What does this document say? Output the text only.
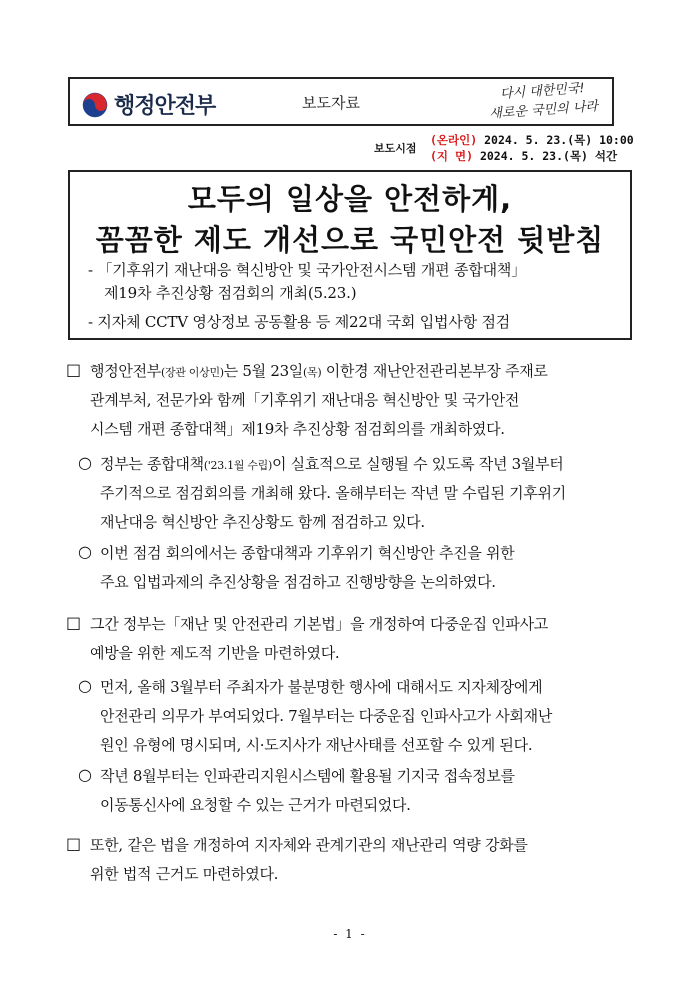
행정안전부	보도자료
다시 대한민국!
새로운 국민의 나라
보도시점
(온라인) 2024. 5. 23.(목) 10:00
(지 면) 2024. 5. 23.(목) 석간
모두의 일상을 안전하게,
꼼꼼한 제도 개선으로 국민안전 뒷받침
- 「기후위기 재난대응 혁신방안 및 국가안전시스템 개편 종합대책」
제19차 추진상황 점검회의 개최(5.23.)
- 지자체 CCTV 영상정보 공동활용 등 제22대 국회 입법사항 점검
□ 행정안전부(장관 이상민)는 5월 23일(목) 이한경 재난안전관리본부장 주재로
관계부처, 전문가와 함께「기후위기 재난대응 혁신방안 및 국가안전
시스템 개편 종합대책」제19차 추진상황 점검회의를 개최하였다.
○ 정부는 종합대책('23.1월 수립)이 실효적으로 실행될 수 있도록 작년 3월부터
주기적으로 점검회의를 개최해 왔다. 올해부터는 작년 말 수립된 기후위기
재난대응 혁신방안 추진상황도 함께 점검하고 있다.
○ 이번 점검 회의에서는 종합대책과 기후위기 혁신방안 추진을 위한
주요 입법과제의 추진상황을 점검하고 진행방향을 논의하였다.
□ 그간 정부는「재난 및 안전관리 기본법」을 개정하여 다중운집 인파사고
예방을 위한 제도적 기반을 마련하였다.
○ 먼저, 올해 3월부터 주최자가 불분명한 행사에 대해서도 지자체장에게
안전관리 의무가 부여되었다. 7월부터는 다중운집 인파사고가 사회재난
원인 유형에 명시되며, 시·도지사가 재난사태를 선포할 수 있게 된다.
○ 작년 8월부터는 인파관리지원시스템에 활용될 기지국 접속정보를
이동통신사에 요청할 수 있는 근거가 마련되었다.
□ 또한, 같은 법을 개정하여 지자체와 관계기관의 재난관리 역량 강화를
위한 법적 근거도 마련하였다.
- 1 -
